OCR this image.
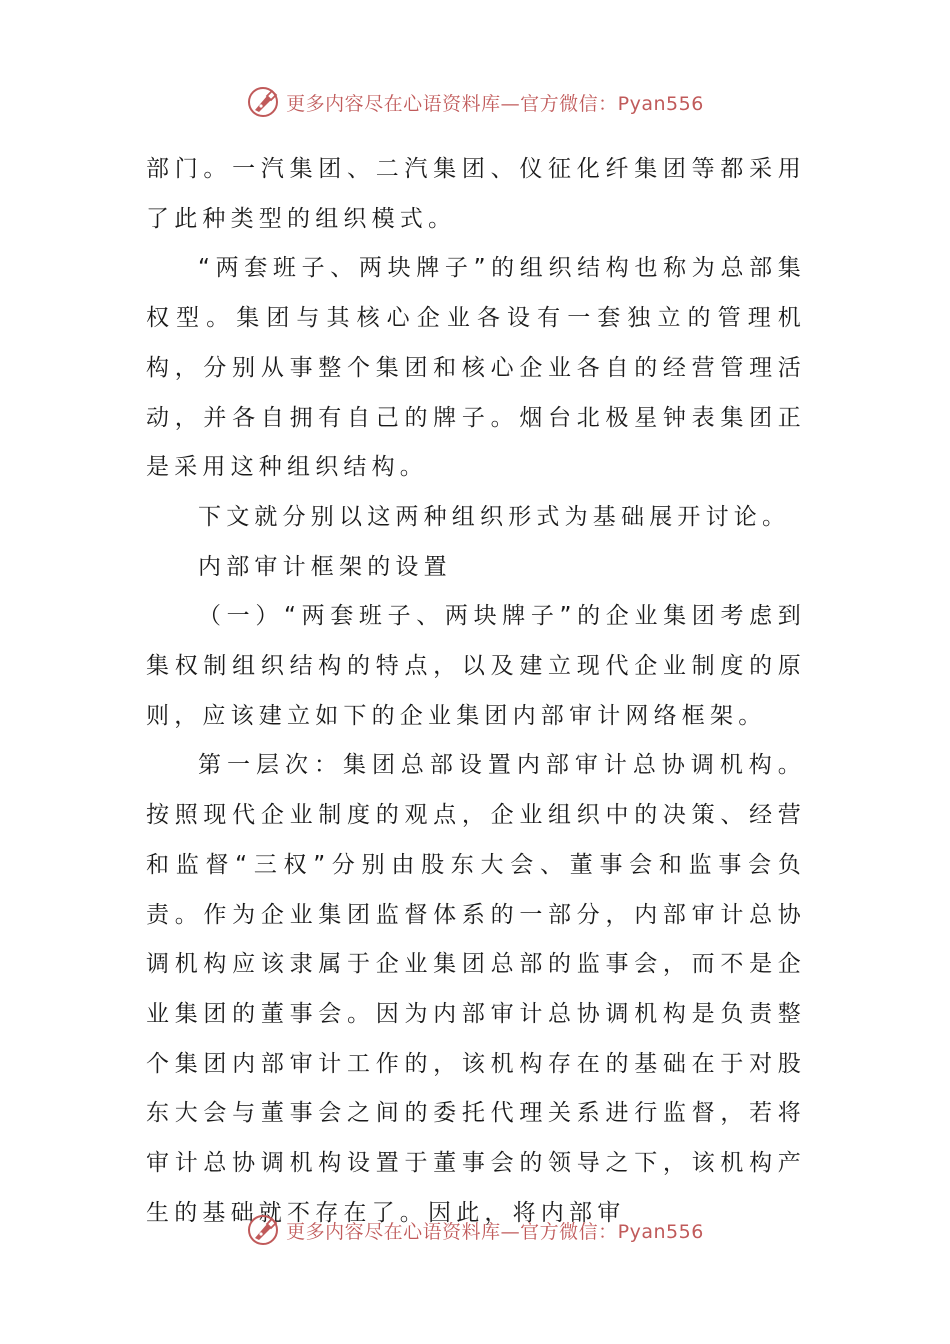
更多内容尽在心语资料库—官方微信：Pyan556

部门。一汽集团、二汽集团、仪征化纤集团等都采用了此种类型的组织模式。

“两套班子、两块牌子”的组织结构也称为总部集权型。集团与其核心企业各设有一套独立的管理机构，分别从事整个集团和核心企业各自的经营管理活动，并各自拥有自己的牌子。烟台北极星钟表集团正是采用这种组织结构。

下文就分别以这两种组织形式为基础展开讨论。

内部审计框架的设置

（一）“两套班子、两块牌子”的企业集团考虑到集权制组织结构的特点，以及建立现代企业制度的原则，应该建立如下的企业集团内部审计网络框架。

第一层次：集团总部设置内部审计总协调机构。按照现代企业制度的观点，企业组织中的决策、经营和监督“三权”分别由股东大会、董事会和监事会负责。作为企业集团监督体系的一部分，内部审计总协调机构应该隶属于企业集团总部的监事会，而不是企业集团的董事会。因为内部审计总协调机构是负责整个集团内部审计工作的，该机构存在的基础在于对股东大会与董事会之间的委托代理关系进行监督，若将审计总协调机构设置于董事会的领导之下，该机构产生的基础就不存在了。因此，将内部审

更多内容尽在心语资料库—官方微信：Pyan556
